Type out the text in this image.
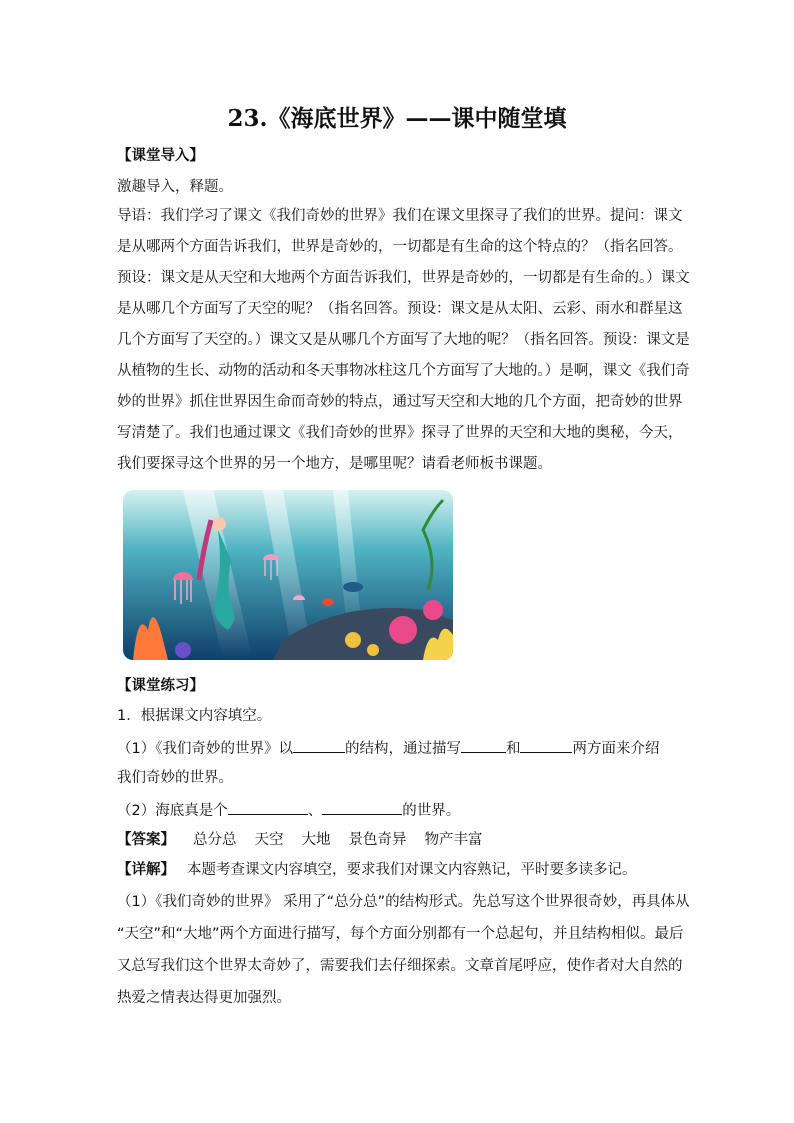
23.《海底世界》——课中随堂填
【课堂导入】
激趣导入，释题。
导语：我们学习了课文《我们奇妙的世界》我们在课文里探寻了我们的世界。提问：课文
是从哪两个方面告诉我们，世界是奇妙的，一切都是有生命的这个特点的？（指名回答。
预设：课文是从天空和大地两个方面告诉我们，世界是奇妙的，一切都是有生命的。）课文
是从哪几个方面写了天空的呢？（指名回答。预设：课文是从太阳、云彩、雨水和群星这
几个方面写了天空的。）课文又是从哪几个方面写了大地的呢？（指名回答。预设：课文是
从植物的生长、动物的活动和冬天事物冰柱这几个方面写了大地的。）是啊，课文《我们奇
妙的世界》抓住世界因生命而奇妙的特点，通过写天空和大地的几个方面，把奇妙的世界
写清楚了。我们也通过课文《我们奇妙的世界》探寻了世界的天空和大地的奥秘，今天，
我们要探寻这个世界的另一个地方，是哪里呢？请看老师板书课题。
【课堂练习】
1．根据课文内容填空。
（1）《我们奇妙的世界》以	的结构，通过描写	和	两方面来介绍
我们奇妙的世界。
（2）海底真是个	、	的世界。
【答案】 总分总 天空 大地 景色奇异 物产丰富
【详解】 本题考查课文内容填空，要求我们对课文内容熟记，平时要多读多记。
（1）《我们奇妙的世界》 采用了“总分总”的结构形式。先总写这个世界很奇妙，再具体从
“天空”和“大地”两个方面进行描写，每个方面分别都有一个总起句，并且结构相似。最后
又总写我们这个世界太奇妙了，需要我们去仔细探索。文章首尾呼应，使作者对大自然的
热爱之情表达得更加强烈。
